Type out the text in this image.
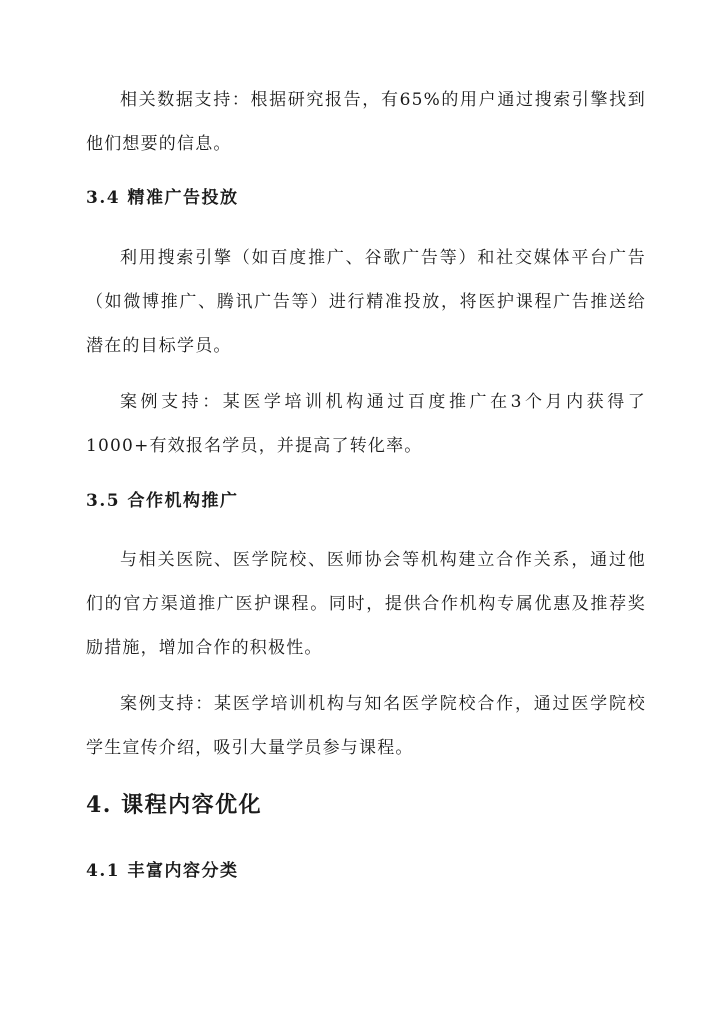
相关数据支持：根据研究报告，有65%的用户通过搜索引擎找到他们想要的信息。

3.4 精准广告投放

利用搜索引擎（如百度推广、谷歌广告等）和社交媒体平台广告（如微博推广、腾讯广告等）进行精准投放，将医护课程广告推送给潜在的目标学员。

案例支持：某医学培训机构通过百度推广在3个月内获得了1000+有效报名学员，并提高了转化率。

3.5 合作机构推广

与相关医院、医学院校、医师协会等机构建立合作关系，通过他们的官方渠道推广医护课程。同时，提供合作机构专属优惠及推荐奖励措施，增加合作的积极性。

案例支持：某医学培训机构与知名医学院校合作，通过医学院校学生宣传介绍，吸引大量学员参与课程。

4. 课程内容优化
4.1 丰富内容分类
